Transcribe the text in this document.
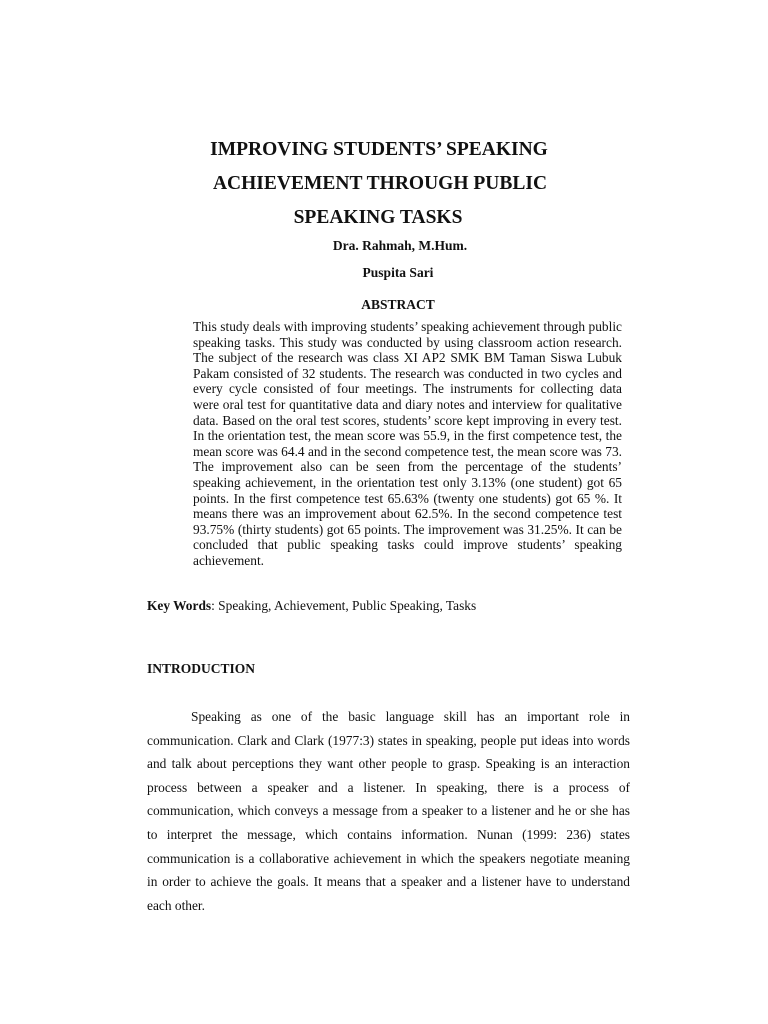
IMPROVING STUDENTS’ SPEAKING
ACHIEVEMENT THROUGH PUBLIC
SPEAKING TASKS

Dra. Rahmah, M.Hum.

Puspita Sari

ABSTRACT

This study deals with improving students’ speaking achievement through public speaking tasks. This study was conducted by using classroom action research. The subject of the research was class XI AP2 SMK BM Taman Siswa Lubuk Pakam consisted of 32 students. The research was conducted in two cycles and every cycle consisted of four meetings. The instruments for collecting data were oral test for quantitative data and diary notes and interview for qualitative data. Based on the oral test scores, students’ score kept improving in every test. In the orientation test, the mean score was 55.9, in the first competence test, the mean score was 64.4 and in the second competence test, the mean score was 73. The improvement also can be seen from the percentage of the students’ speaking achievement, in the orientation test only 3.13% (one student) got 65 points. In the first competence test 65.63% (twenty one students) got 65 %. It means there was an improvement about 62.5%. In the second competence test 93.75% (thirty students) got 65 points. The improvement was 31.25%. It can be concluded that public speaking tasks could improve students’ speaking achievement.

Key Words: Speaking, Achievement, Public Speaking, Tasks

INTRODUCTION

Speaking as one of the basic language skill has an important role in communication. Clark and Clark (1977:3) states in speaking, people put ideas into words and talk about perceptions they want other people to grasp. Speaking is an interaction process between a speaker and a listener. In speaking, there is a process of communication, which conveys a message from a speaker to a listener and he or she has to interpret the message, which contains information. Nunan (1999: 236) states communication is a collaborative achievement in which the speakers negotiate meaning in order to achieve the goals. It means that a speaker and a listener have to understand each other.
